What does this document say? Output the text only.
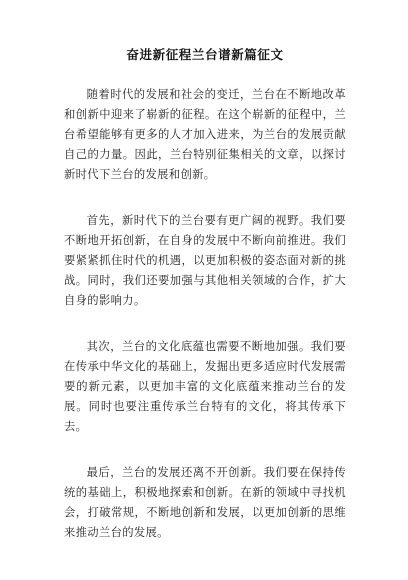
奋进新征程兰台谱新篇征文

随着时代的发展和社会的变迁，兰台在不断地改革和创新中迎来了崭新的征程。在这个崭新的征程中，兰台希望能够有更多的人才加入进来，为兰台的发展贡献自己的力量。因此，兰台特别征集相关的文章，以探讨新时代下兰台的发展和创新。

首先，新时代下的兰台要有更广阔的视野。我们要不断地开拓创新，在自身的发展中不断向前推进。我们要紧紧抓住时代的机遇，以更加积极的姿态面对新的挑战。同时，我们还要加强与其他相关领域的合作，扩大自身的影响力。

其次，兰台的文化底蕴也需要不断地加强。我们要在传承中华文化的基础上，发掘出更多适应时代发展需要的新元素，以更加丰富的文化底蕴来推动兰台的发展。同时也要注重传承兰台特有的文化，将其传承下去。

最后，兰台的发展还离不开创新。我们要在保持传统的基础上，积极地探索和创新。在新的领域中寻找机会，打破常规，不断地创新和发展，以更加创新的思维来推动兰台的发展。
